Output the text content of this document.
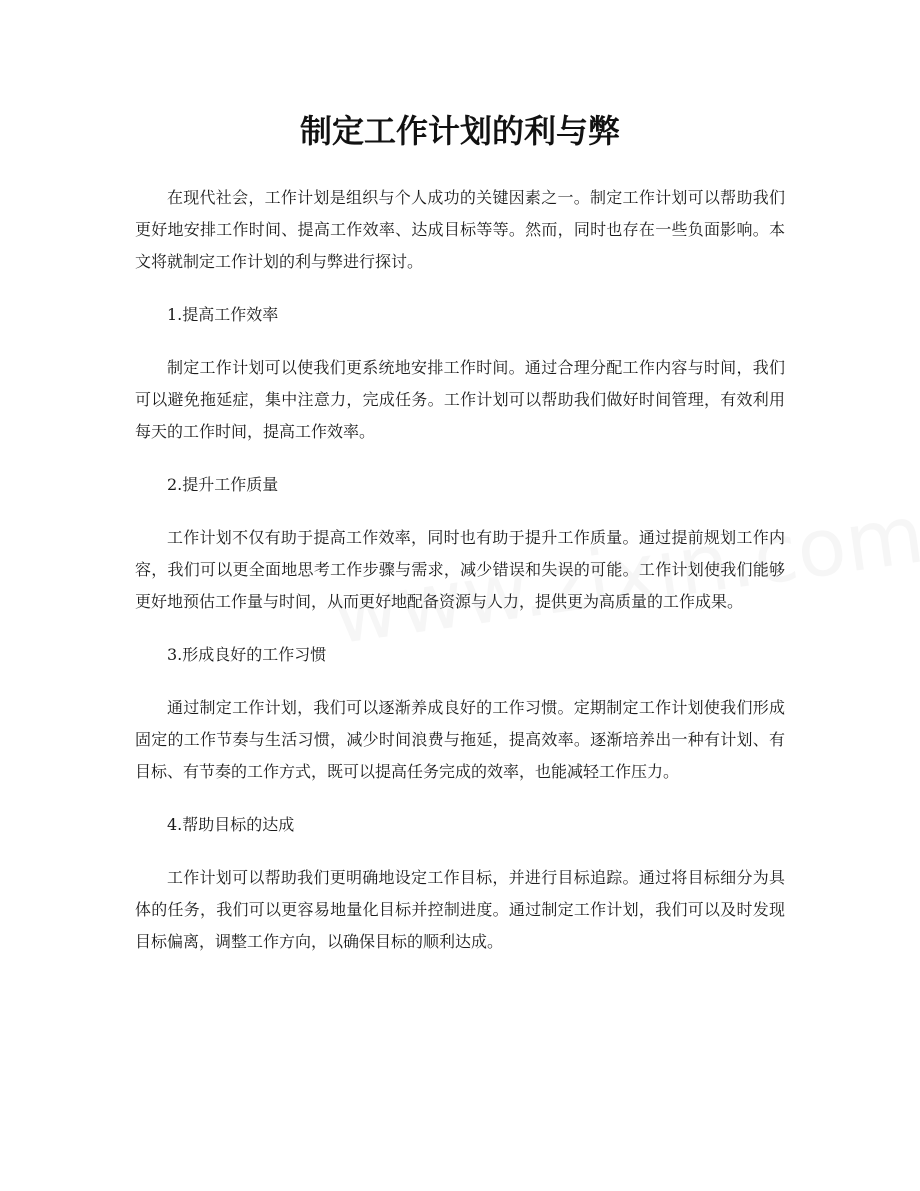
制定工作计划的利与弊

在现代社会，工作计划是组织与个人成功的关键因素之一。制定工作计划可以帮助我们更好地安排工作时间、提高工作效率、达成目标等等。然而，同时也存在一些负面影响。本文将就制定工作计划的利与弊进行探讨。

1.提高工作效率

制定工作计划可以使我们更系统地安排工作时间。通过合理分配工作内容与时间，我们可以避免拖延症，集中注意力，完成任务。工作计划可以帮助我们做好时间管理，有效利用每天的工作时间，提高工作效率。

2.提升工作质量

工作计划不仅有助于提高工作效率，同时也有助于提升工作质量。通过提前规划工作内容，我们可以更全面地思考工作步骤与需求，减少错误和失误的可能。工作计划使我们能够更好地预估工作量与时间，从而更好地配备资源与人力，提供更为高质量的工作成果。

3.形成良好的工作习惯

通过制定工作计划，我们可以逐渐养成良好的工作习惯。定期制定工作计划使我们形成固定的工作节奏与生活习惯，减少时间浪费与拖延，提高效率。逐渐培养出一种有计划、有目标、有节奏的工作方式，既可以提高任务完成的效率，也能减轻工作压力。

4.帮助目标的达成

工作计划可以帮助我们更明确地设定工作目标，并进行目标追踪。通过将目标细分为具体的任务，我们可以更容易地量化目标并控制进度。通过制定工作计划，我们可以及时发现目标偏离，调整工作方向，以确保目标的顺利达成。
